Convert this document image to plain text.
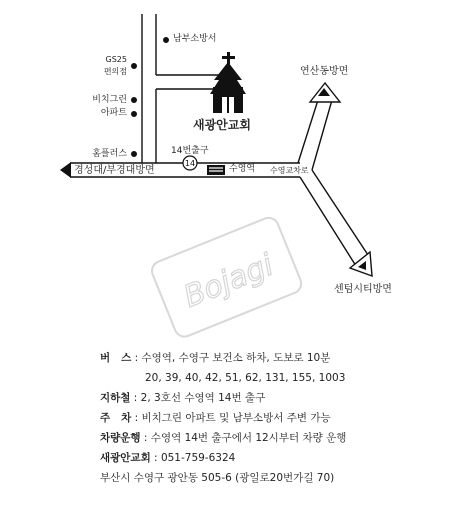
Bojagi
14
남부소방서
GS25
편의점
비치그린
아파트
홈플러스
새광안교회
14번출구
수영역 수영교차로
경성대/부경대방면
연산동방면
센텀시티방면
버   스 : 수영역, 수영구 보건소 하차, 도보로 10분
20, 39, 40, 42, 51, 62, 131, 155, 1003
지하철 : 2, 3호선 수영역 14번 출구
주   차 : 비치그린 아파트 및 남부소방서 주변 가능
차량운행 : 수영역 14번 출구에서 12시부터 차량 운행
새광안교회 : 051-759-6324
부산시 수영구 광안동 505-6 (광일로20번가길 70)
